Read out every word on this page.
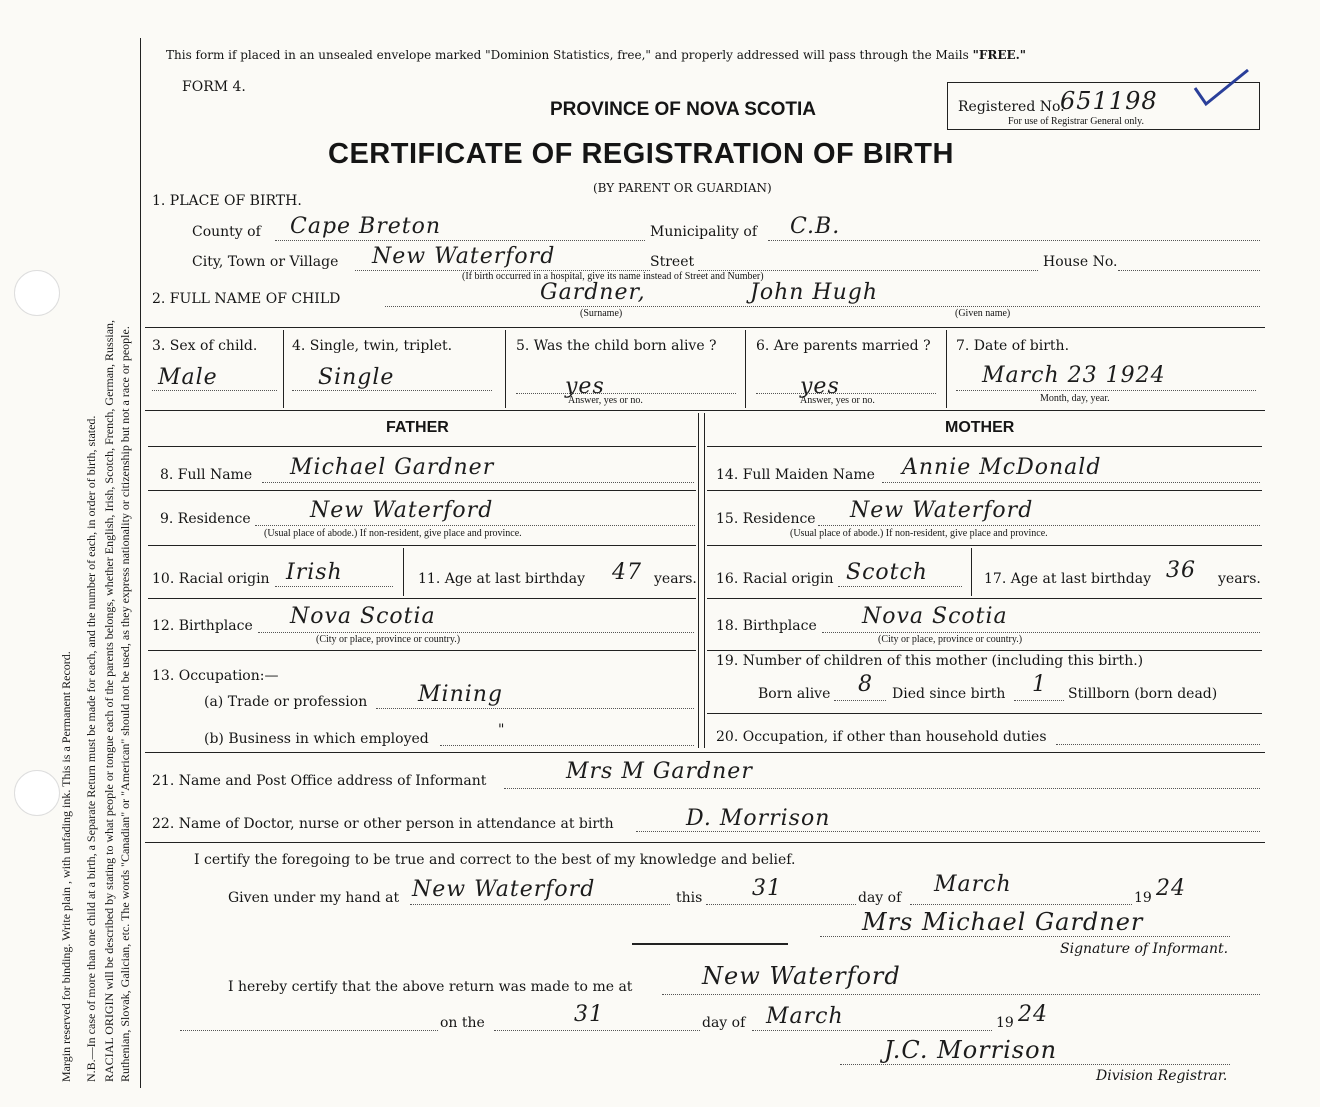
Margin reserved for binding. Write plain , with unfading ink. This is a Permanent Record. N.B.—In case of more than one child at a birth, a Separate Return must be made for each, and the number of each, in order of birth, stated. RACIAL ORIGIN will be described by stating to what people or tongue each of the parents belongs, whether English, Irish, Scotch, French, German, Russian, Ruthenian, Slovak, Galician, etc. The words "Canadian" or "American" should not be used, as they express nationality or citizenship but not a race or people.
This form if placed in an unsealed envelope marked "Dominion Statistics, free," and properly addressed will pass through the Mails "FREE."
FORM 4.
PROVINCE OF NOVA SCOTIA
CERTIFICATE OF REGISTRATION OF BIRTH
(BY PARENT OR GUARDIAN)
Registered No.
651198
For use of Registrar General only.
1. PLACE OF BIRTH.
County of Cape Breton	Municipality of C.B.
City, Town or Village New Waterford	Street	House No.
(If birth occurred in a hospital, give its name instead of Street and Number)
2. FULL NAME OF CHILD	Gardner,	John Hugh
(Surname)	(Given name)
3. Sex of child.
Male
4. Single, twin, triplet.
Single
5. Was the child born alive ?
yes
Answer, yes or no.
6. Are parents married ?
yes
Answer, yes or no.
7. Date of birth.
March 23 1924
Month, day, year.
FATHER	MOTHER
8. Full Name Michael Gardner
9. Residence	New Waterford
(Usual place of abode.) If non-resident, give place and province.
10. Racial origin Irish	11. Age at last birthday 47 years.
12. Birthplace Nova Scotia
(City or place, province or country.)
13. Occupation:—
(a) Trade or profession Mining
(b) Business in which employed
"
14. Full Maiden Name Annie McDonald
15. Residence New Waterford
(Usual place of abode.) If non-resident, give place and province.
16. Racial origin Scotch	17. Age at last birthday 36 years.
18. Birthplace Nova Scotia
(City or place, province or country.)
19. Number of children of this mother (including this birth.)
Born alive 8 Died since birth 1 Stillborn (born dead)
20. Occupation, if other than household duties
21. Name and Post Office address of Informant	Mrs M Gardner
22. Name of Doctor, nurse or other person in attendance at birth	D. Morrison
I certify the foregoing to be true and correct to the best of my knowledge and belief.
Given under my hand at New Waterford	this 31	day of
March
19 24
Mrs Michael Gardner
Signature of Informant.
I hereby certify that the above return was made to me at	New Waterford
on the	31	day of March	19 24
J.C. Morrison
Division Registrar.
